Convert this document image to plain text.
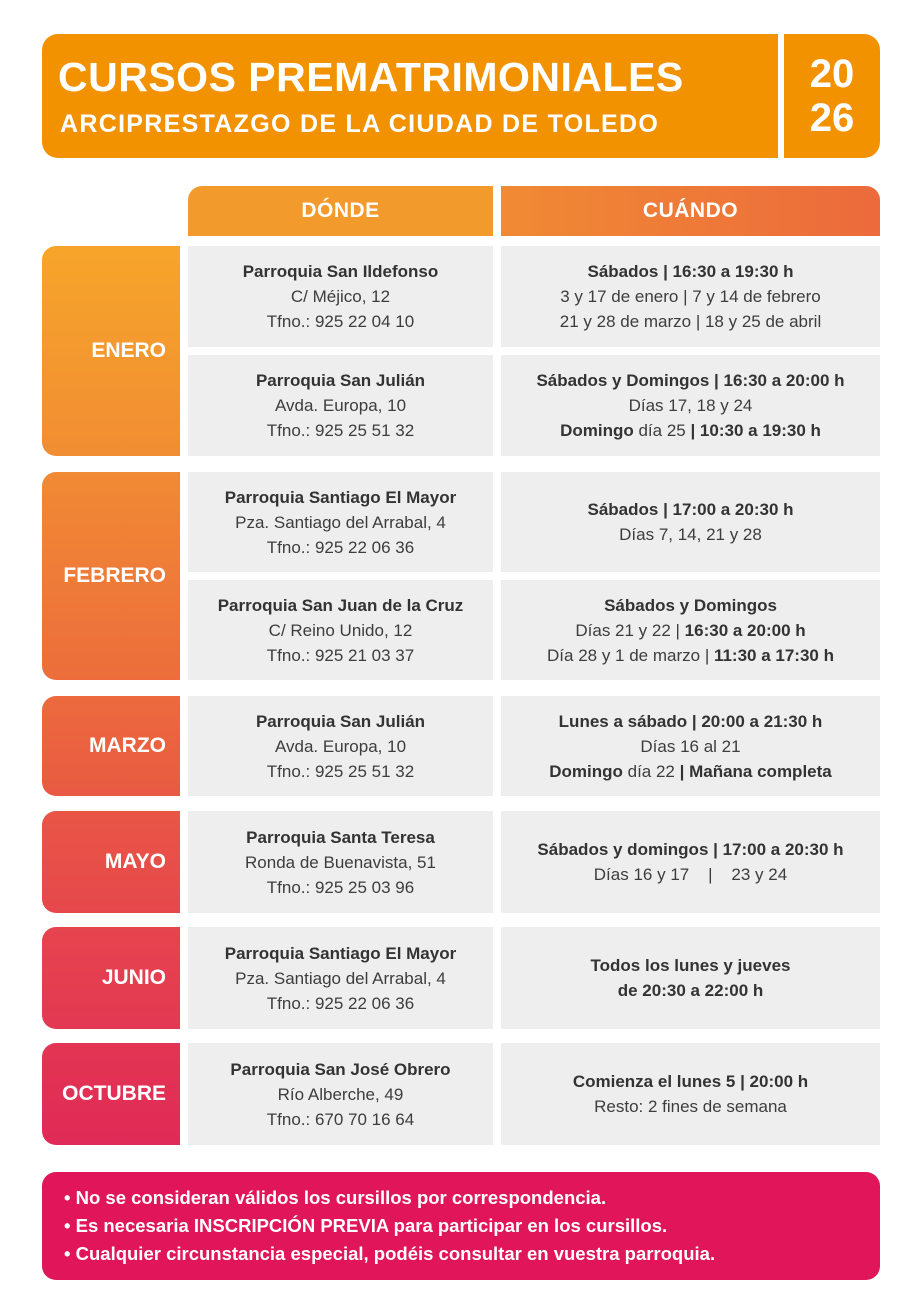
CURSOS PREMATRIMONIALES
ARCIPRESTAZGO DE LA CIUDAD DE TOLEDO
20
26
DÓNDE	CUÁNDO
ENERO
FEBRERO
MARZO
MAYO
JUNIO
OCTUBRE
Parroquia San Ildefonso
C/ Méjico, 12
Tfno.: 925 22 04 10
Sábados | 16:30 a 19:30 h
3 y 17 de enero | 7 y 14 de febrero
21 y 28 de marzo | 18 y 25 de abril
Parroquia San Julián
Avda. Europa, 10
Tfno.: 925 25 51 32
Sábados y Domingos | 16:30 a 20:00 h
Días 17, 18 y 24
Domingo día 25 | 10:30 a 19:30 h
Parroquia Santiago El Mayor
Pza. Santiago del Arrabal, 4
Tfno.: 925 22 06 36
Sábados | 17:00 a 20:30 h
Días 7, 14, 21 y 28
Parroquia San Juan de la Cruz
C/ Reino Unido, 12
Tfno.: 925 21 03 37
Sábados y Domingos
Días 21 y 22 | 16:30 a 20:00 h
Día 28 y 1 de marzo | 11:30 a 17:30 h
Parroquia San Julián
Avda. Europa, 10
Tfno.: 925 25 51 32
Lunes a sábado | 20:00 a 21:30 h
Días 16 al 21
Domingo día 22 | Mañana completa
Parroquia Santa Teresa
Ronda de Buenavista, 51
Tfno.: 925 25 03 96
Sábados y domingos | 17:00 a 20:30 h
Días 16 y 17    |    23 y 24
Parroquia Santiago El Mayor
Pza. Santiago del Arrabal, 4
Tfno.: 925 22 06 36
Todos los lunes y jueves
de 20:30 a 22:00 h
Parroquia San José Obrero
Río Alberche, 49
Tfno.: 670 70 16 64
Comienza el lunes 5 | 20:00 h
Resto: 2 fines de semana
• No se consideran válidos los cursillos por correspondencia.
• Es necesaria INSCRIPCIÓN PREVIA para participar en los cursillos.
• Cualquier circunstancia especial, podéis consultar en vuestra parroquia.
